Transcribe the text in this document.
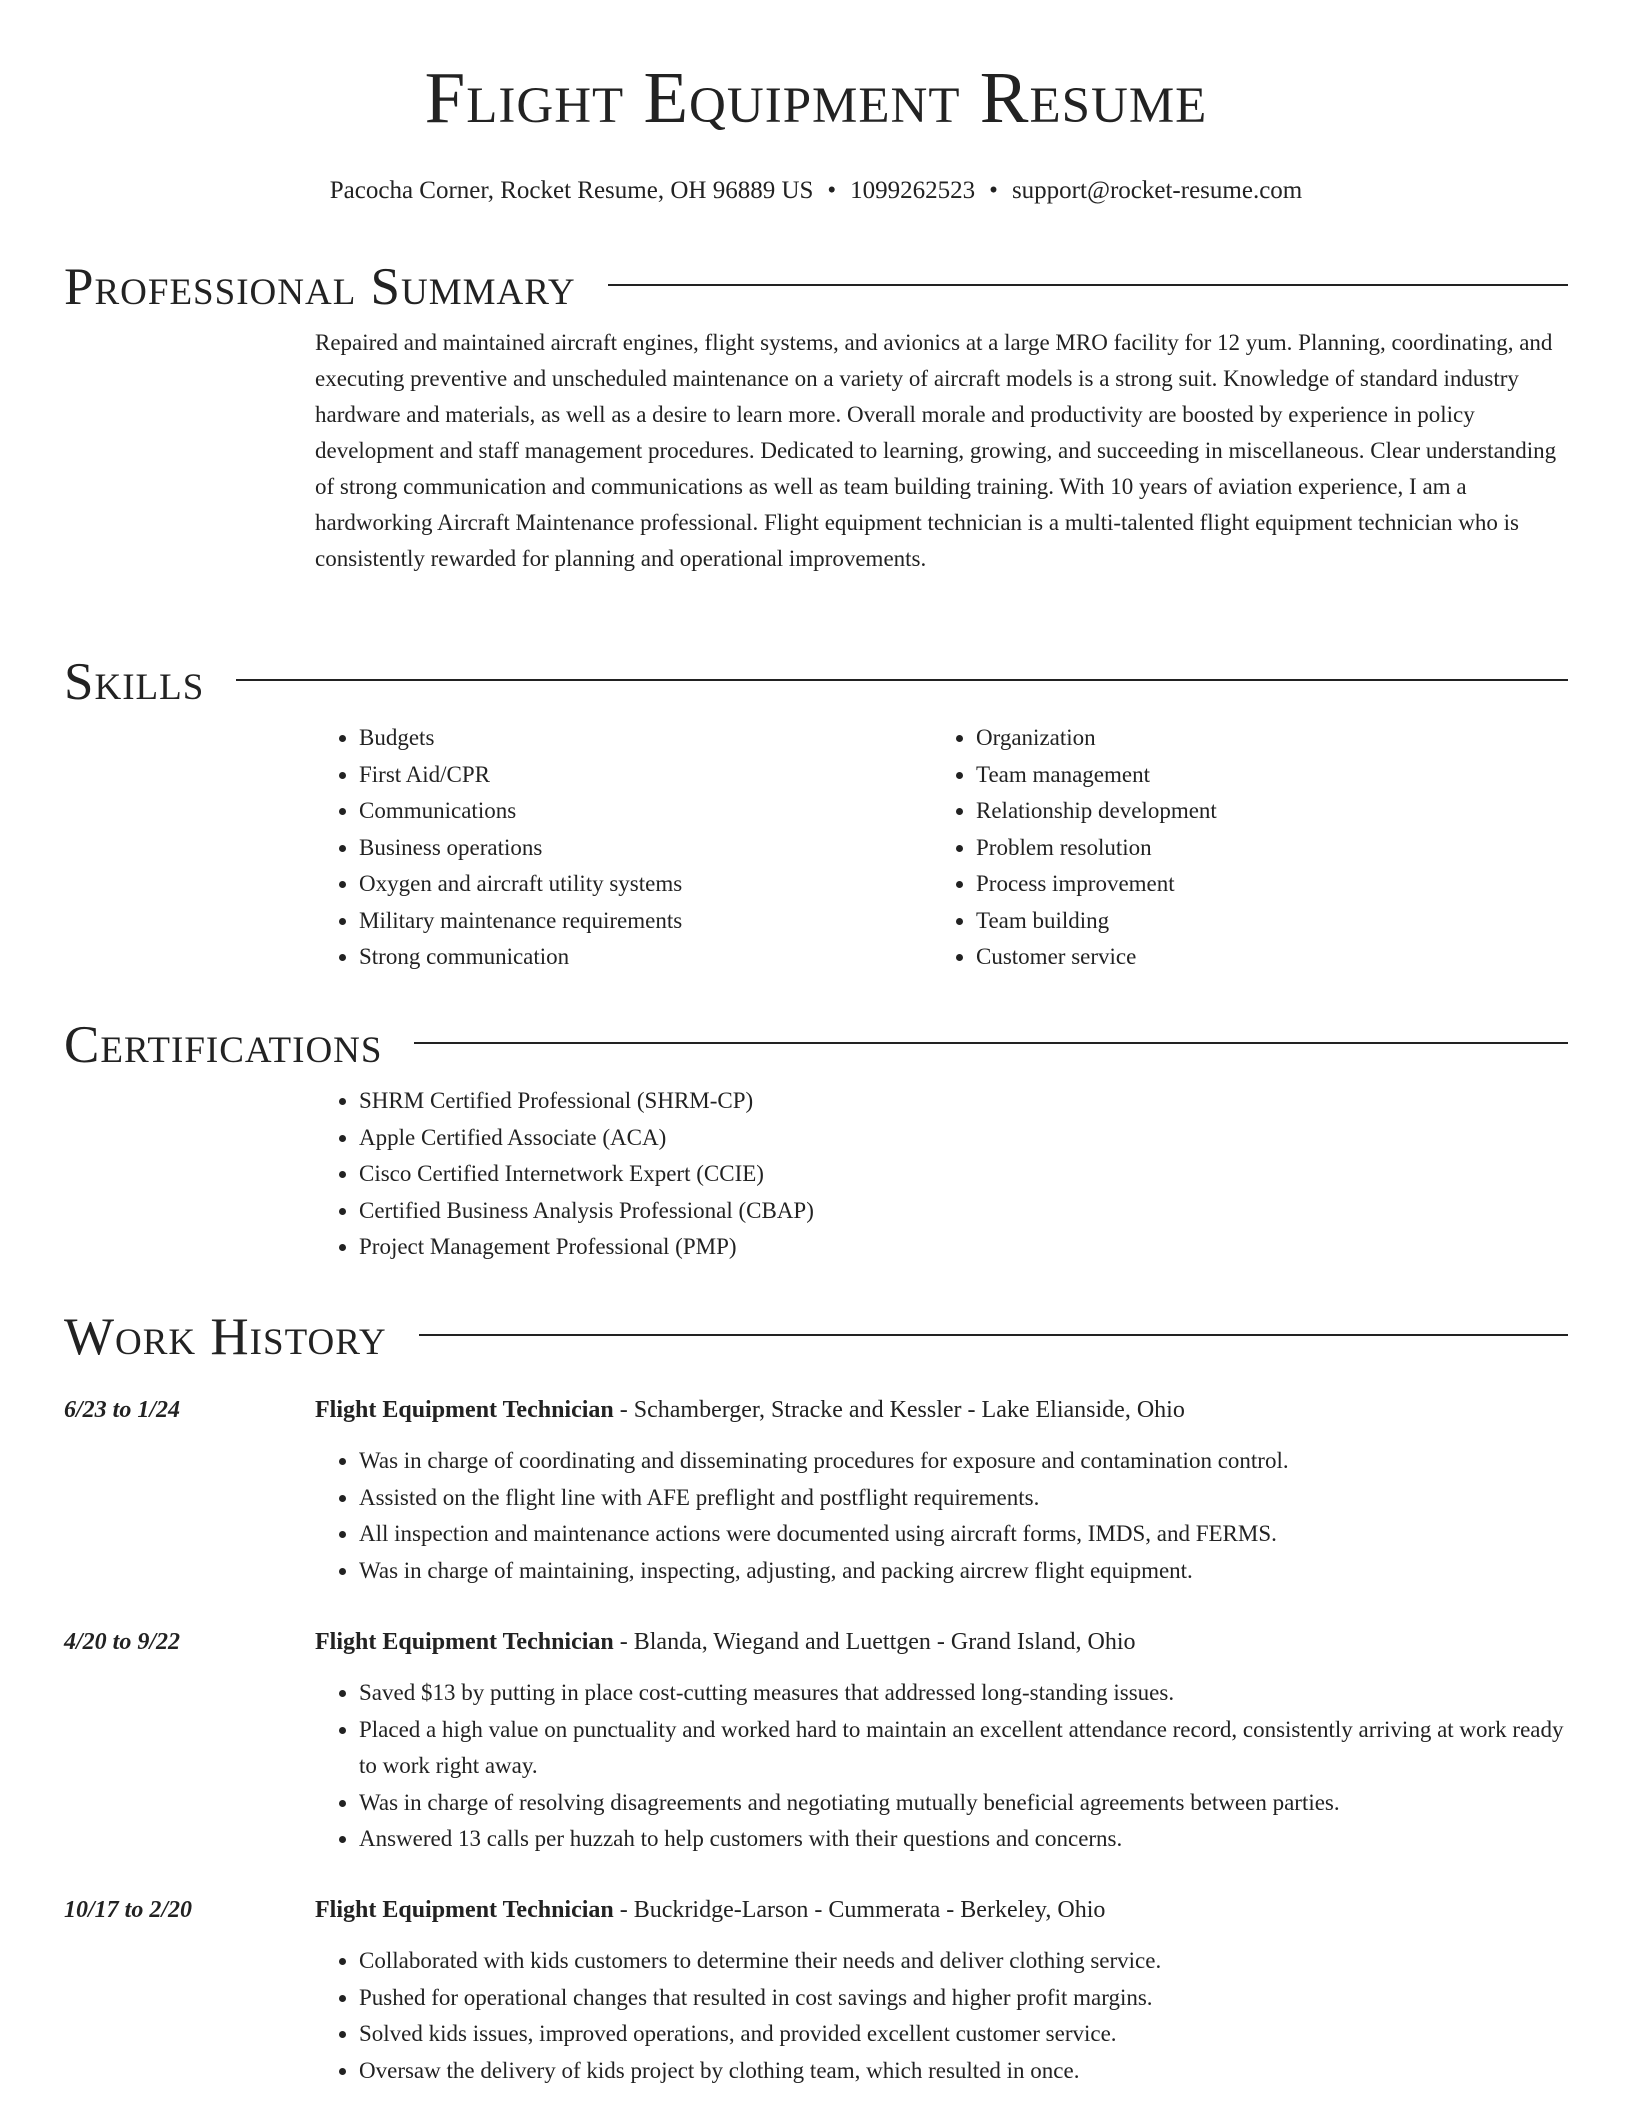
Flight Equipment Resume
Pacocha Corner, Rocket Resume, OH 96889 US • 1099262523 • support@rocket-resume.com
Professional Summary
Repaired and maintained aircraft engines, flight systems, and avionics at a large MRO facility for 12 yum. Planning, coordinating, and executing preventive and unscheduled maintenance on a variety of aircraft models is a strong suit. Knowledge of standard industry hardware and materials, as well as a desire to learn more. Overall morale and productivity are boosted by experience in policy development and staff management procedures. Dedicated to learning, growing, and succeeding in miscellaneous. Clear understanding of strong communication and communications as well as team building training. With 10 years of aviation experience, I am a hardworking Aircraft Maintenance professional. Flight equipment technician is a multi-talented flight equipment technician who is consistently rewarded for planning and operational improvements.
Skills
• Budgets
• First Aid/CPR
• Communications
• Business operations
• Oxygen and aircraft utility systems
• Military maintenance requirements
• Strong communication
• Organization
• Team management
• Relationship development
• Problem resolution
• Process improvement
• Team building
• Customer service
Certifications
• SHRM Certified Professional (SHRM-CP)
• Apple Certified Associate (ACA)
• Cisco Certified Internetwork Expert (CCIE)
• Certified Business Analysis Professional (CBAP)
• Project Management Professional (PMP)
Work History
6/23 to 1/24	Flight Equipment Technician - Schamberger, Stracke and Kessler - Lake Elianside, Ohio
• Was in charge of coordinating and disseminating procedures for exposure and contamination control.
• Assisted on the flight line with AFE preflight and postflight requirements.
• All inspection and maintenance actions were documented using aircraft forms, IMDS, and FERMS.
• Was in charge of maintaining, inspecting, adjusting, and packing aircrew flight equipment.
4/20 to 9/22	Flight Equipment Technician - Blanda, Wiegand and Luettgen - Grand Island, Ohio
• Saved $13 by putting in place cost-cutting measures that addressed long-standing issues.
• Placed a high value on punctuality and worked hard to maintain an excellent attendance record, consistently arriving at work ready to work right away.
• Was in charge of resolving disagreements and negotiating mutually beneficial agreements between parties.
• Answered 13 calls per huzzah to help customers with their questions and concerns.
10/17 to 2/20	Flight Equipment Technician - Buckridge-Larson - Cummerata - Berkeley, Ohio
• Collaborated with kids customers to determine their needs and deliver clothing service.
• Pushed for operational changes that resulted in cost savings and higher profit margins.
• Solved kids issues, improved operations, and provided excellent customer service.
• Oversaw the delivery of kids project by clothing team, which resulted in once.
